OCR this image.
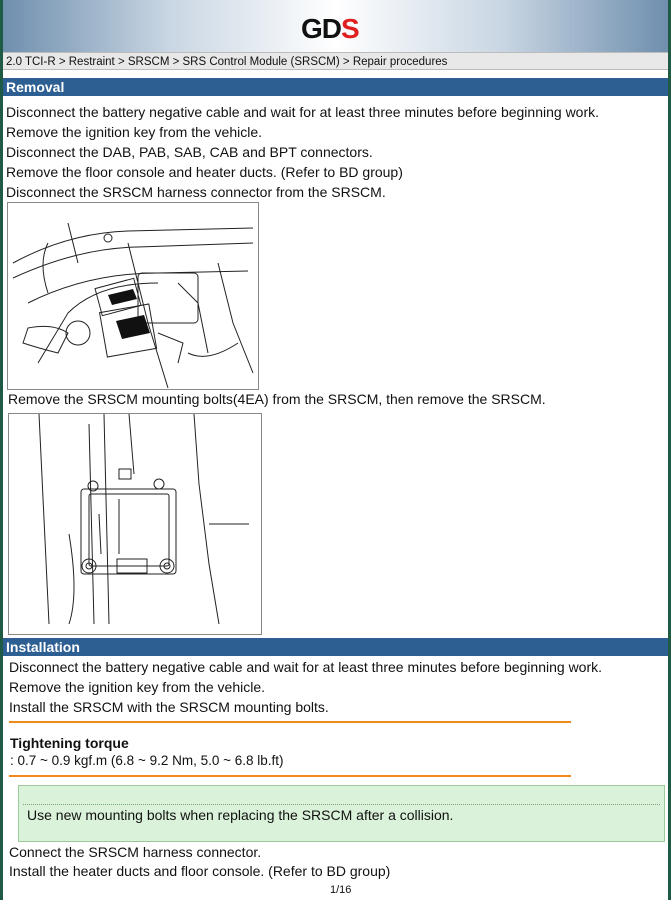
G D S
2.0 TCI-R > Restraint > SRSCM > SRS Control Module (SRSCM) > Repair procedures
Removal
Disconnect the battery negative cable and wait for at least three minutes before beginning work.
Remove the ignition key from the vehicle.
Disconnect the DAB, PAB, SAB, CAB and BPT connectors.
Remove the floor console and heater ducts. (Refer to BD group)
Disconnect the SRSCM harness connector from the SRSCM.
Remove the SRSCM mounting bolts(4EA) from the SRSCM, then remove the SRSCM.
Installation
Disconnect the battery negative cable and wait for at least three minutes before beginning work.
Remove the ignition key from the vehicle.
Install the SRSCM with the SRSCM mounting bolts.
Tightening torque
: 0.7 ~ 0.9 kgf.m (6.8 ~ 9.2 Nm, 5.0 ~ 6.8 lb.ft)
Use new mounting bolts when replacing the SRSCM after a collision.
Connect the SRSCM harness connector.
Install the heater ducts and floor console. (Refer to BD group)
1/16
